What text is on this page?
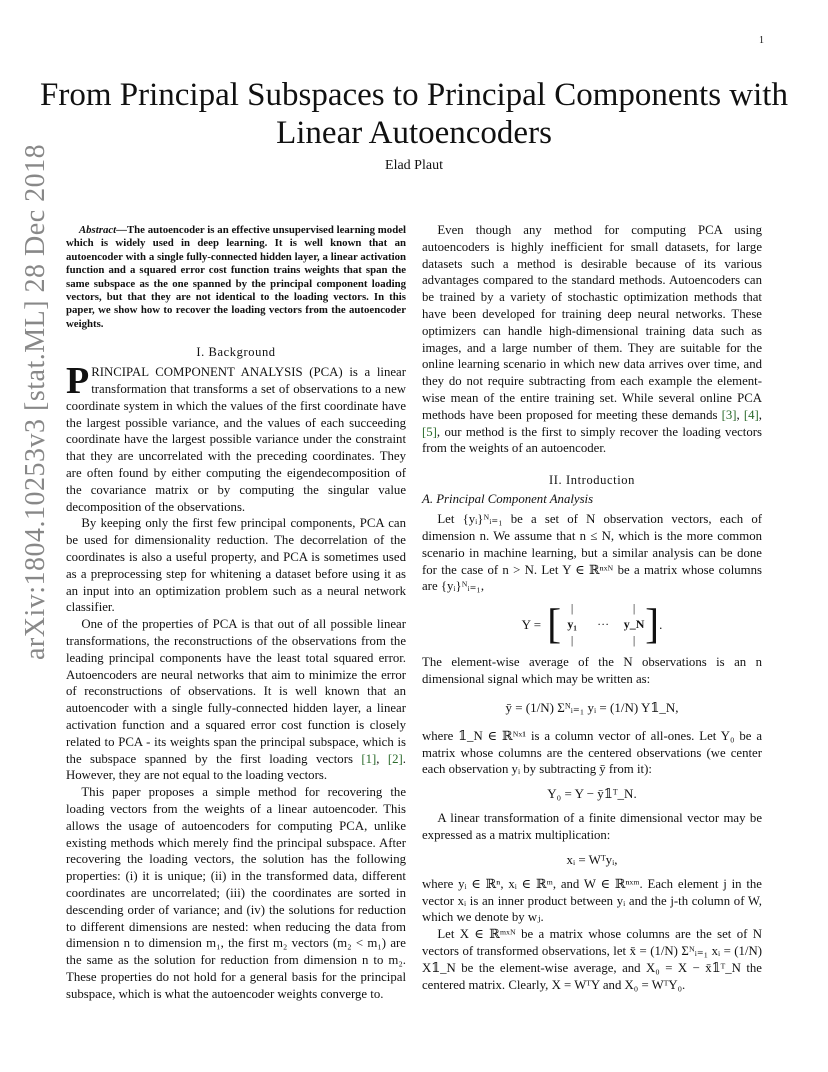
1
From Principal Subspaces to Principal Components with Linear Autoencoders
Elad Plaut
arXiv:1804.10253v3 [stat.ML] 28 Dec 2018	Abstract—The autoencoder is an effective unsupervised learning model which is widely used in deep learning. It is well known that an autoencoder with a single fully-connected hidden layer, a linear activation function and a squared error cost function trains weights that span the same subspace as the one spanned by the principal component loading vectors, but that they are not identical to the loading vectors. In this paper, we show how to recover the loading vectors from the autoencoder weights.
I. Background

PRINCIPAL COMPONENT ANALYSIS (PCA) is a linear transformation that transforms a set of observations to a new coordinate system in which the values of the first coordinate have the largest possible variance, and the values of each succeeding coordinate have the largest possible variance under the constraint that they are uncorrelated with the preceding coordinates. They are often found by either computing the eigendecomposition of the covariance matrix or by computing the singular value decomposition of the observations.

By keeping only the first few principal components, PCA can be used for dimensionality reduction. The decorrelation of the coordinates is also a useful property, and PCA is sometimes used as a preprocessing step for whitening a dataset before using it as an input into an optimization problem such as a neural network classifier.

One of the properties of PCA is that out of all possible linear transformations, the reconstructions of the observations from the leading principal components have the least total squared error. Autoencoders are neural networks that aim to minimize the error of reconstructions of observations. It is well known that an autoencoder with a single fully-connected hidden layer, a linear activation function and a squared error cost function is closely related to PCA - its weights span the principal subspace, which is the subspace spanned by the first loading vectors [1], [2]. However, they are not equal to the loading vectors.

This paper proposes a simple method for recovering the loading vectors from the weights of a linear autoencoder. This allows the usage of autoencoders for computing PCA, unlike existing methods which merely find the principal subspace. After recovering the loading vectors, the solution has the following properties: (i) it is unique; (ii) in the transformed data, different coordinates are uncorrelated; (iii) the coordinates are sorted in descending order of variance; and (iv) the solutions for reduction to different dimensions are nested: when reducing the data from dimension n to dimension m₁, the first m₂ vectors (m₂ < m₁) are the same as the solution for reduction from dimension n to m₂. These properties do not hold for a general basis for the principal subspace, which is what the autoencoder weights converge to.

Even though any method for computing PCA using autoencoders is highly inefficient for small datasets, for large datasets such a method is desirable because of its various advantages compared to the standard methods. Autoencoders can be trained by a variety of stochastic optimization methods that have been developed for training deep neural networks. These optimizers can handle high-dimensional training data such as images, and a large number of them. They are suitable for the online learning scenario in which new data arrives over time, and they do not require subtracting from each example the element-wise mean of the entire training set. While several online PCA methods have been proposed for meeting these demands [3], [4], [5], our method is the first to simply recover the loading vectors from the weights of an autoencoder.

II. Introduction
A. Principal Component Analysis

Let {yᵢ}ᴺᵢ₌₁ be a set of N observation vectors, each of dimension n. We assume that n ≤ N, which is the more common scenario in machine learning, but a similar analysis can be done for the case of n > N. Let Y ∈ ℝⁿˣᴺ be a matrix whose columns are {yᵢ}ᴺᵢ₌₁,

Y = [ |	|
y₁	···	y_N
|	| ] .

The element-wise average of the N observations is an n dimensional signal which may be written as:

ȳ = (1/N) Σᴺᵢ₌₁ yᵢ = (1/N) Y𝟙_N,

where 𝟙_N ∈ ℝᴺˣ¹ is a column vector of all-ones. Let Y₀ be a matrix whose columns are the centered observations (we center each observation yᵢ by subtracting ȳ from it):

Y₀ = Y − ȳ𝟙ᵀ_N.

A linear transformation of a finite dimensional vector may be expressed as a matrix multiplication:

xᵢ = Wᵀyᵢ,

where yᵢ ∈ ℝⁿ, xᵢ ∈ ℝᵐ, and W ∈ ℝⁿˣᵐ. Each element j in the vector xᵢ is an inner product between yᵢ and the j-th column of W, which we denote by wⱼ.

Let X ∈ ℝᵐˣᴺ be a matrix whose columns are the set of N vectors of transformed observations, let x̄ = (1/N) Σᴺᵢ₌₁ xᵢ = (1/N) X𝟙_N be the element-wise average, and X₀ = X − x̄𝟙ᵀ_N the centered matrix. Clearly, X = WᵀY and X₀ = WᵀY₀.
